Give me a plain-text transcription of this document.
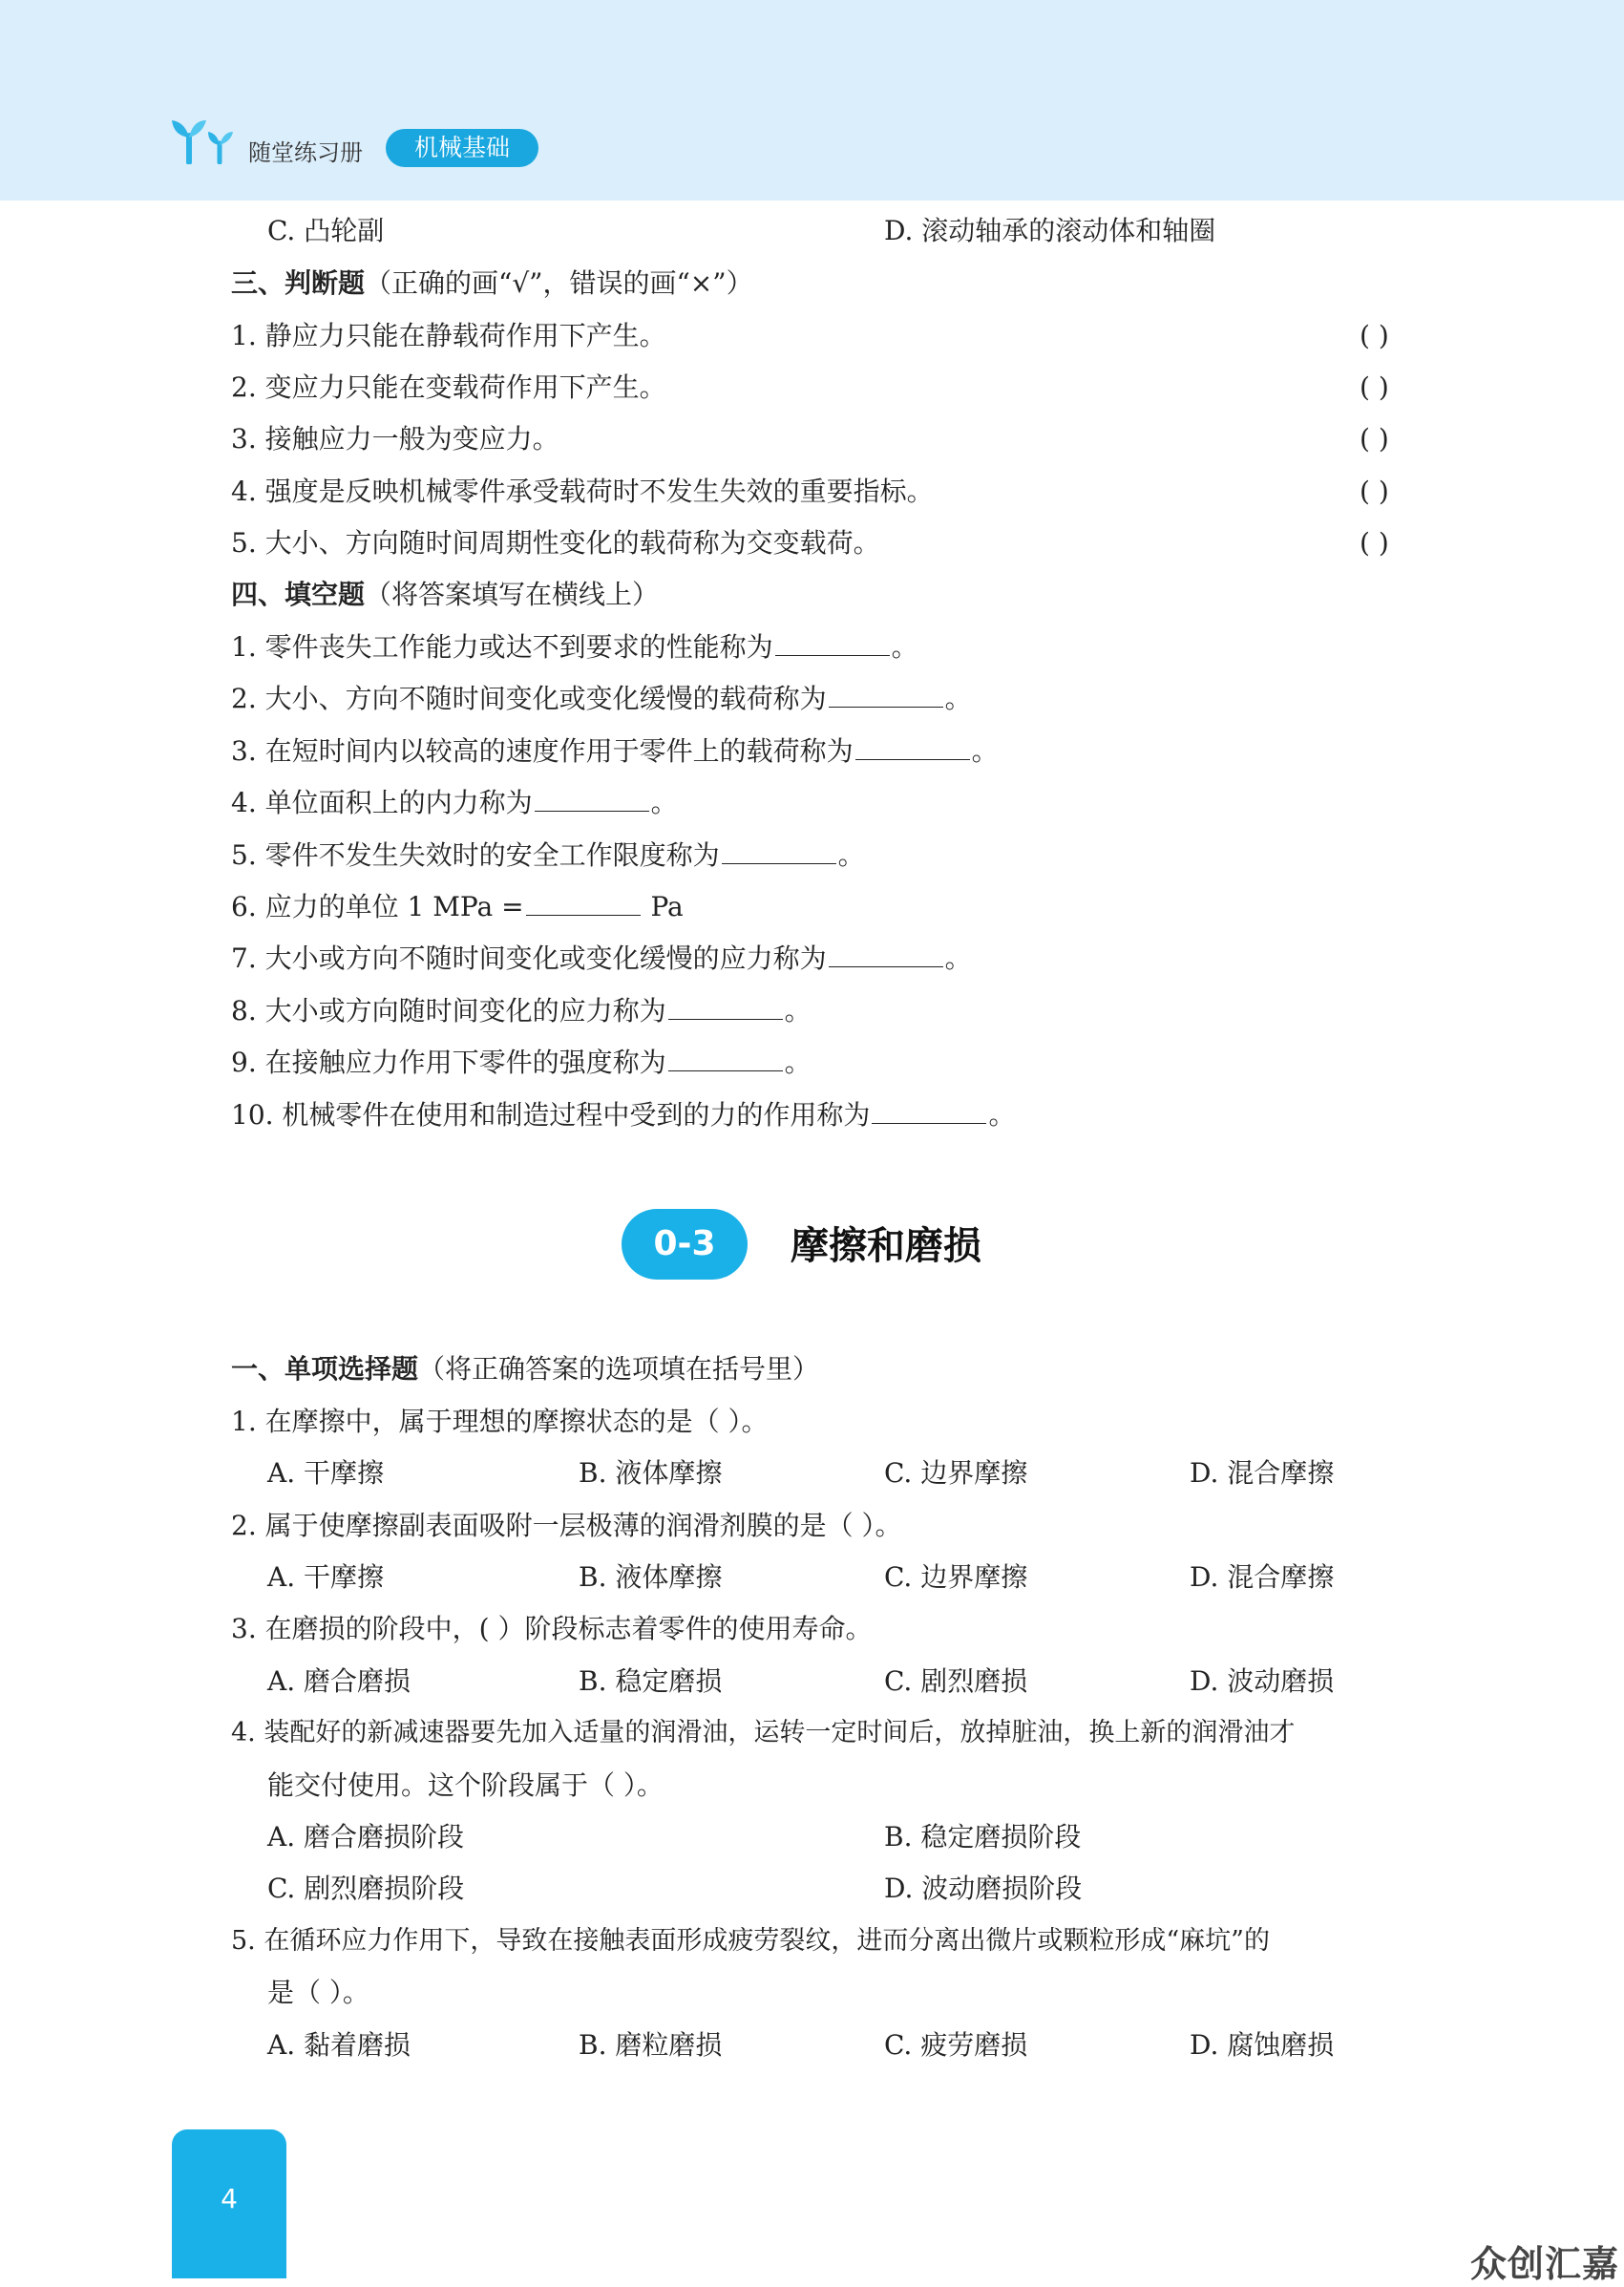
随堂练习册	机械基础
C. 凸轮副	D. 滚动轴承的滚动体和轴圈
三、判断题（正确的画“√”，错误的画“×”）
1. 静应力只能在静载荷作用下产生。	( )
2. 变应力只能在变载荷作用下产生。	( )
3. 接触应力一般为变应力。	( )
4. 强度是反映机械零件承受载荷时不发生失效的重要指标。	( )
5. 大小、方向随时间周期性变化的载荷称为交变载荷。	( )
四、填空题（将答案填写在横线上）
1. 零件丧失工作能力或达不到要求的性能称为	。
2. 大小、方向不随时间变化或变化缓慢的载荷称为	。
3. 在短时间内以较高的速度作用于零件上的载荷称为	。
4. 单位面积上的内力称为	。
5. 零件不发生失效时的安全工作限度称为	。
6. 应力的单位 1 MPa =	Pa
7. 大小或方向不随时间变化或变化缓慢的应力称为	。
8. 大小或方向随时间变化的应力称为	。
9. 在接触应力作用下零件的强度称为	。
10. 机械零件在使用和制造过程中受到的力的作用称为	。
0-3	摩擦和磨损
一、单项选择题（将正确答案的选项填在括号里）
1. 在摩擦中，属于理想的摩擦状态的是（ ）。
A. 干摩擦	B. 液体摩擦	C. 边界摩擦	D. 混合摩擦
2. 属于使摩擦副表面吸附一层极薄的润滑剂膜的是（ ）。
A. 干摩擦	B. 液体摩擦	C. 边界摩擦	D. 混合摩擦
3. 在磨损的阶段中，( ）阶段标志着零件的使用寿命。
A. 磨合磨损	B. 稳定磨损	C. 剧烈磨损	D. 波动磨损
4. 装配好的新减速器要先加入适量的润滑油，运转一定时间后，放掉脏油，换上新的润滑油才
能交付使用。这个阶段属于（ ）。
A. 磨合磨损阶段	B. 稳定磨损阶段
C. 剧烈磨损阶段	D. 波动磨损阶段
5. 在循环应力作用下，导致在接触表面形成疲劳裂纹，进而分离出微片或颗粒形成“麻坑”的
是（ ）。
A. 黏着磨损	B. 磨粒磨损	C. 疲劳磨损	D. 腐蚀磨损
4
众创汇嘉
